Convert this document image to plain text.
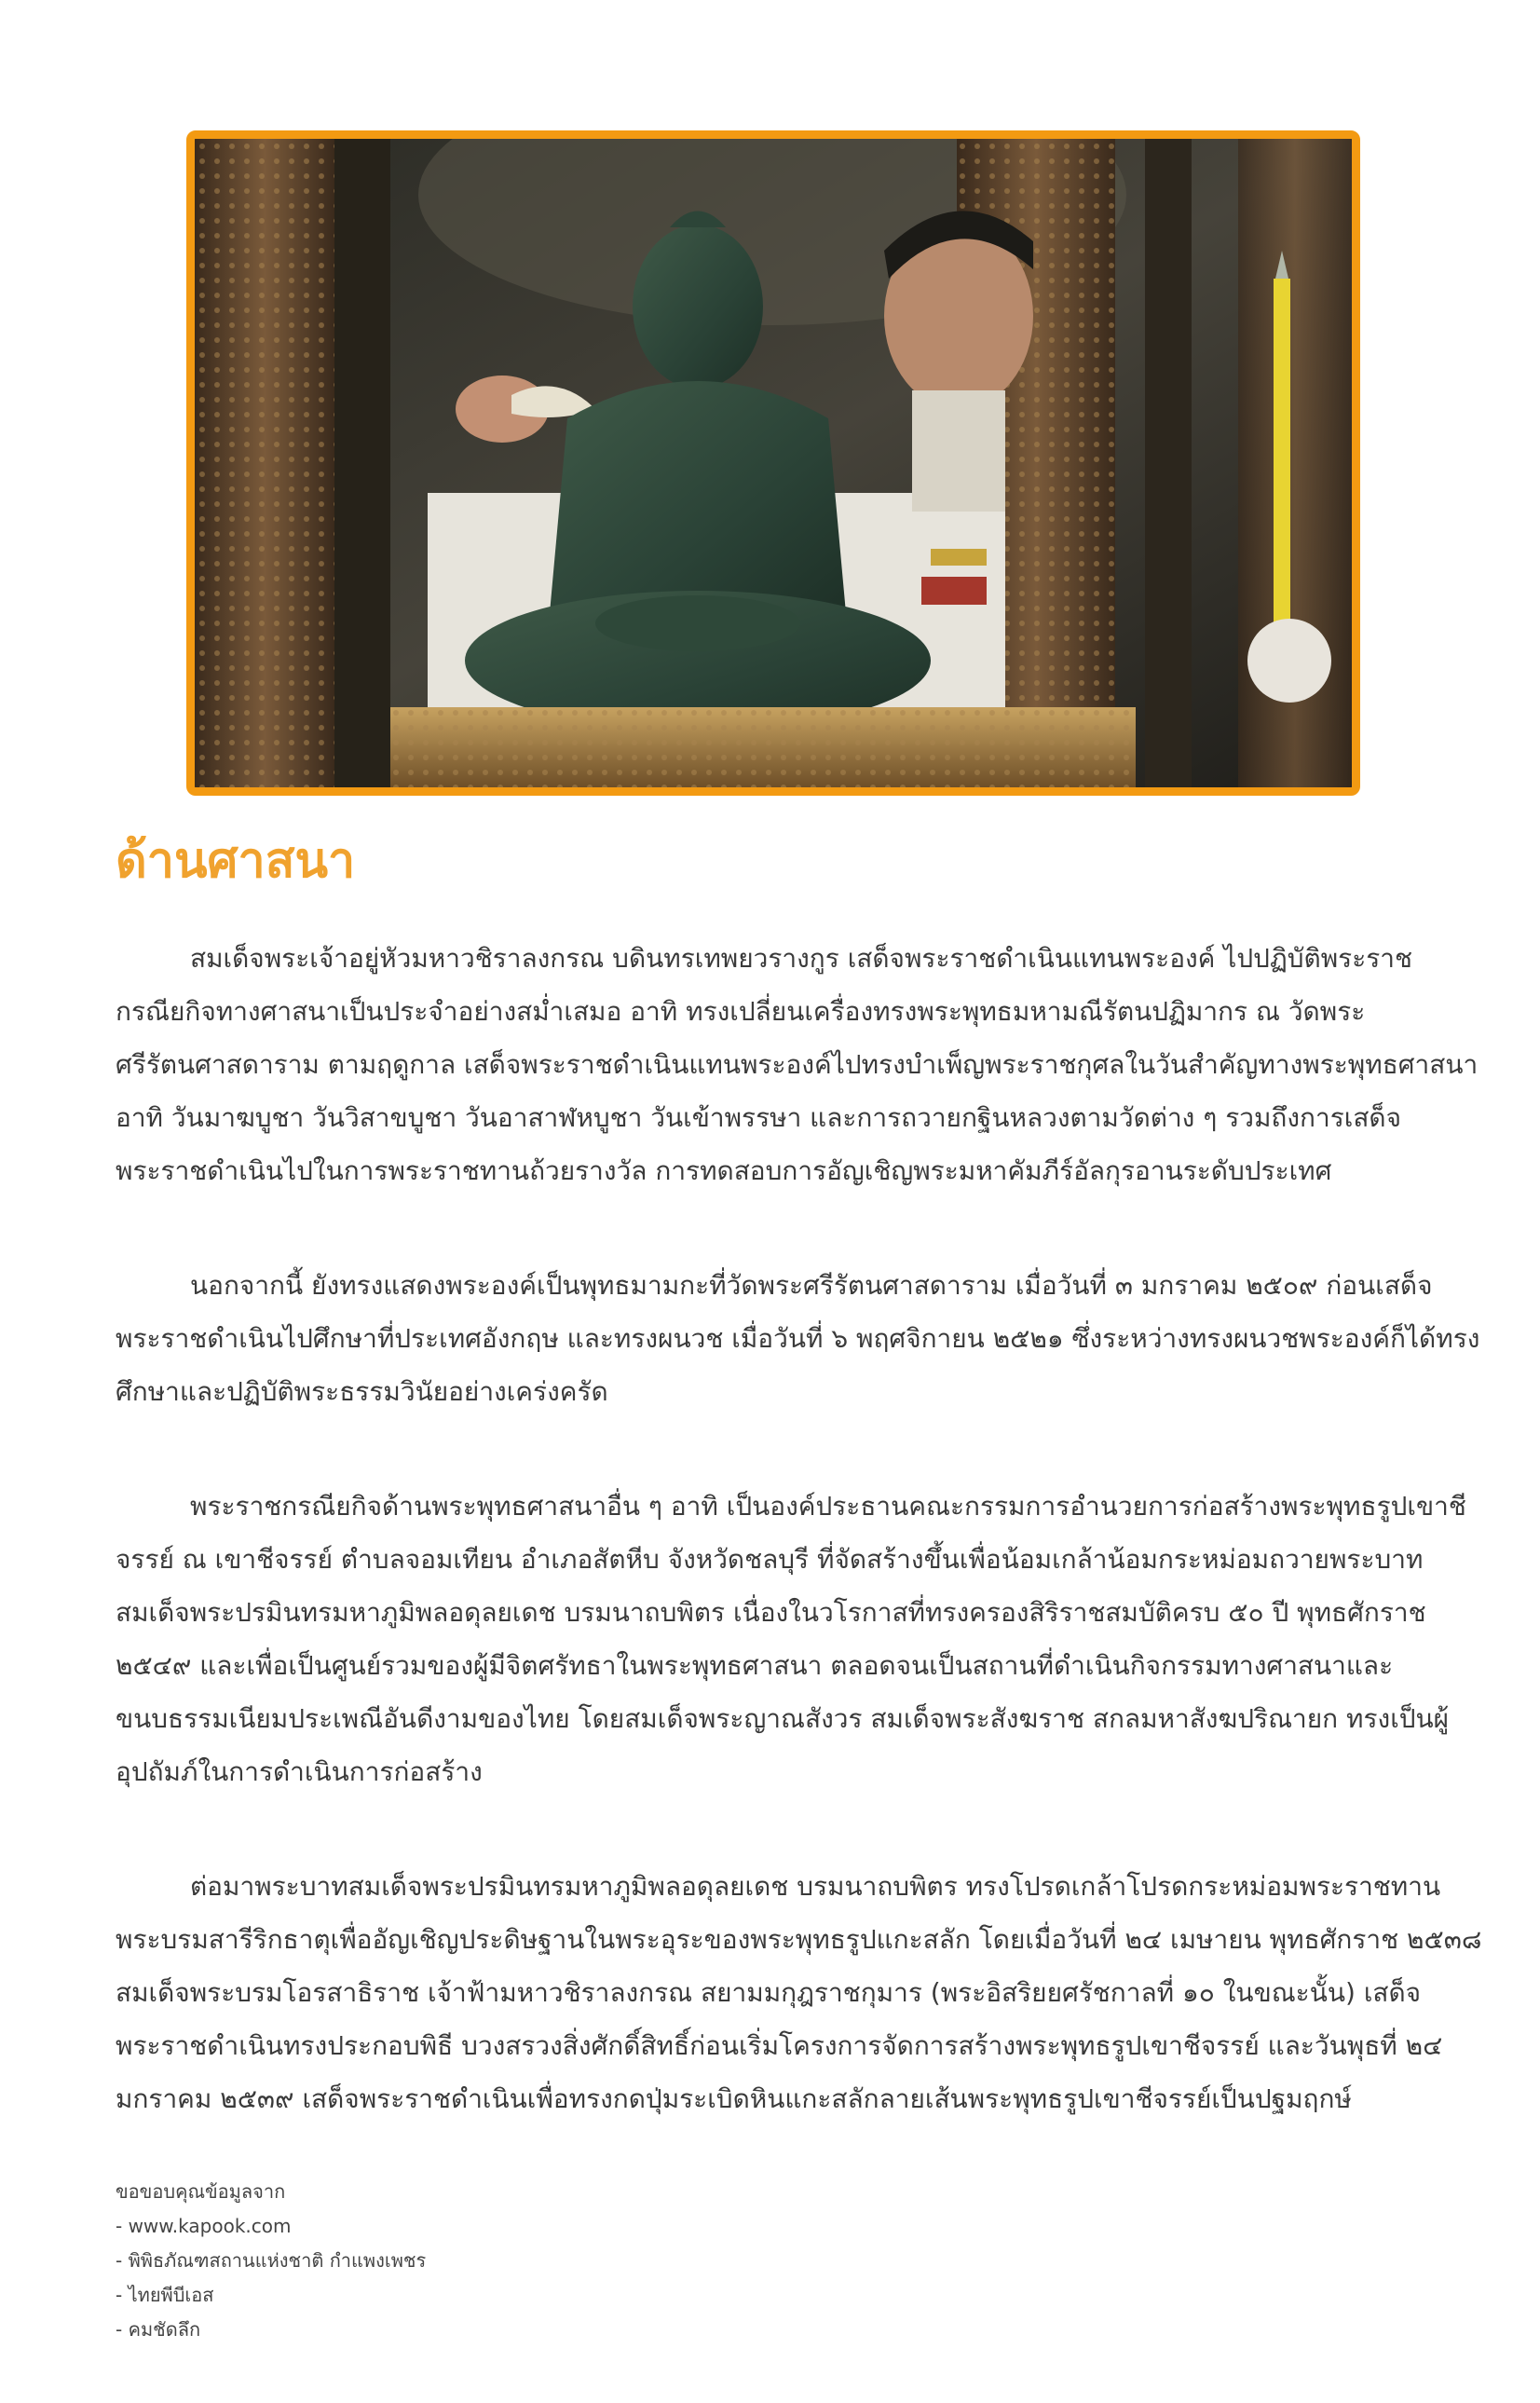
ด้านศาสนา

สมเด็จพระเจ้าอยู่หัวมหาวชิราลงกรณ บดินทรเทพยวรางกูร เสด็จพระราชดำเนินแทนพระองค์ ไปปฏิบัติพระราชกรณียกิจทางศาสนาเป็นประจำอย่างสม่ำเสมอ อาทิ ทรงเปลี่ยนเครื่องทรงพระพุทธมหามณีรัตนปฏิมากร ณ วัดพระศรีรัตนศาสดาราม ตามฤดูกาล เสด็จพระราชดำเนินแทนพระองค์ไปทรงบำเพ็ญพระราชกุศลในวันสำคัญทางพระพุทธศาสนา อาทิ วันมาฆบูชา วันวิสาขบูชา วันอาสาฬหบูชา วันเข้าพรรษา และการถวายกฐินหลวงตามวัดต่าง ๆ รวมถึงการเสด็จพระราชดำเนินไปในการพระราชทานถ้วยรางวัล การทดสอบการอัญเชิญพระมหาคัมภีร์อัลกุรอานระดับประเทศ

นอกจากนี้ ยังทรงแสดงพระองค์เป็นพุทธมามกะที่วัดพระศรีรัตนศาสดาราม เมื่อวันที่ ๓ มกราคม ๒๕๐๙ ก่อนเสด็จพระราชดำเนินไปศึกษาที่ประเทศอังกฤษ และทรงผนวช เมื่อวันที่ ๖ พฤศจิกายน ๒๕๒๑ ซึ่งระหว่างทรงผนวชพระองค์ก็ได้ทรงศึกษาและปฏิบัติพระธรรมวินัยอย่างเคร่งครัด

พระราชกรณียกิจด้านพระพุทธศาสนาอื่น ๆ อาทิ เป็นองค์ประธานคณะกรรมการอำนวยการก่อสร้างพระพุทธรูปเขาชีจรรย์ ณ เขาชีจรรย์ ตำบลจอมเทียน อำเภอสัตหีบ จังหวัดชลบุรี ที่จัดสร้างขึ้นเพื่อน้อมเกล้าน้อมกระหม่อมถวายพระบาทสมเด็จพระปรมินทรมหาภูมิพลอดุลยเดช บรมนาถบพิตร เนื่องในวโรกาสที่ทรงครองสิริราชสมบัติครบ ๕๐ ปี พุทธศักราช ๒๕๔๙ และเพื่อเป็นศูนย์รวมของผู้มีจิตศรัทธาในพระพุทธศาสนา ตลอดจนเป็นสถานที่ดำเนินกิจกรรมทางศาสนาและขนบธรรมเนียมประเพณีอันดีงามของไทย โดยสมเด็จพระญาณสังวร สมเด็จพระสังฆราช สกลมหาสังฆปริณายก ทรงเป็นผู้อุปถัมภ์ในการดำเนินการก่อสร้าง

ต่อมาพระบาทสมเด็จพระปรมินทรมหาภูมิพลอดุลยเดช บรมนาถบพิตร ทรงโปรดเกล้าโปรดกระหม่อมพระราชทานพระบรมสารีริกธาตุเพื่ออัญเชิญประดิษฐานในพระอุระของพระพุทธรูปแกะสลัก โดยเมื่อวันที่ ๒๔ เมษายน พุทธศักราช ๒๕๓๘ สมเด็จพระบรมโอรสาธิราช เจ้าฟ้ามหาวชิราลงกรณ สยามมกุฎราชกุมาร (พระอิสริยยศรัชกาลที่ ๑๐ ในขณะนั้น) เสด็จพระราชดำเนินทรงประกอบพิธี บวงสรวงสิ่งศักดิ์สิทธิ์ก่อนเริ่มโครงการจัดการสร้างพระพุทธรูปเขาชีจรรย์ และวันพุธที่ ๒๔ มกราคม ๒๕๓๙ เสด็จพระราชดำเนินเพื่อทรงกดปุ่มระเบิดหินแกะสลักลายเส้นพระพุทธรูปเขาชีจรรย์เป็นปฐมฤกษ์

ขอขอบคุณข้อมูลจาก
- www.kapook.com
- พิพิธภัณฑสถานแห่งชาติ กำแพงเพชร
- ไทยพีบีเอส
- คมชัดลึก
